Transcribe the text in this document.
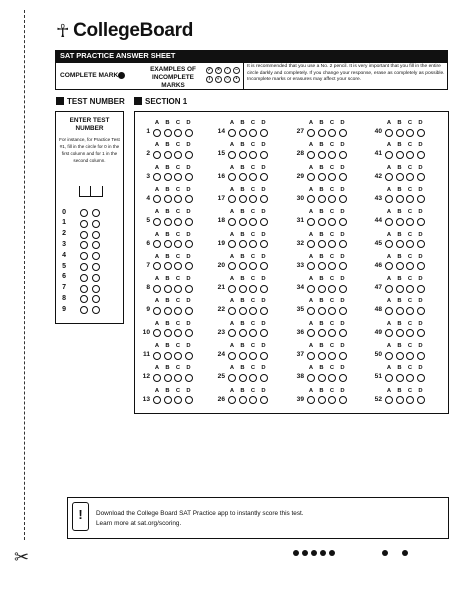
✂
☥ CollegeBoard
SAT PRACTICE ANSWER SHEET
COMPLETE MARK
EXAMPLES OF
INCOMPLETE MARKS
✓	×	·	–
/	◐	○	•
It is recommended that you use a No. 2 pencil. It is very important that you fill in the entire circle darkly and completely. If you change your response, erase as completely as possible. Incomplete marks or erasures may affect your score.
TEST NUMBER	SECTION 1
ENTER TEST
NUMBER
For instance, for Practice Test #1, fill in the circle for 0 in the first column and for 1 in the second column.
!	Download the College Board SAT Practice app to instantly score this test.
Learn more at sat.org/scoring.
0
1
2
3
4
5
6
7
8
9
1
A	B	C	D
2
A	B	C	D
3
A	B	C	D
4
A	B	C	D
5
A	B	C	D
6
A	B	C	D
7
A	B	C	D
8
A	B	C	D
9
A	B	C	D
10
A	B	C	D
11
A	B	C	D
12
A	B	C	D
13
A	B	C	D
14
A	B	C	D
15
A	B	C	D
16
A	B	C	D
17
A	B	C	D
18
A	B	C	D
19
A	B	C	D
20
A	B	C	D
21
A	B	C	D
22
A	B	C	D
23
A	B	C	D
24
A	B	C	D
25
A	B	C	D
26
A	B	C	D
27
A	B	C	D
28
A	B	C	D
29
A	B	C	D
30
A	B	C	D
31
A	B	C	D
32
A	B	C	D
33
A	B	C	D
34
A	B	C	D
35
A	B	C	D
36
A	B	C	D
37
A	B	C	D
38
A	B	C	D
39
A	B	C	D
40
A	B	C	D
41
A	B	C	D
42
A	B	C	D
43
A	B	C	D
44
A	B	C	D
45
A	B	C	D
46
A	B	C	D
47
A	B	C	D
48
A	B	C	D
49
A	B	C	D
50
A	B	C	D
51
A	B	C	D
52
A	B	C	D
